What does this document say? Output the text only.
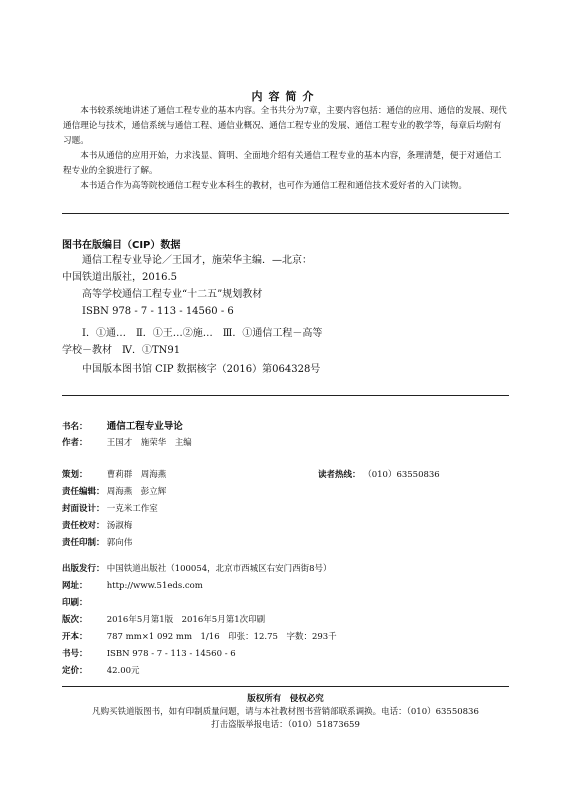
内容简介

本书较系统地讲述了通信工程专业的基本内容。全书共分为7章，主要内容包括：通信的应用、通信的发展、现代通信理论与技术，通信系统与通信工程、通信业概况、通信工程专业的发展、通信工程专业的教学等，每章后均附有习题。

本书从通信的应用开始，力求浅显、简明、全面地介绍有关通信工程专业的基本内容，条理清楚，便于对通信工程专业的全貌进行了解。

本书适合作为高等院校通信工程专业本科生的教材，也可作为通信工程和通信技术爱好者的入门读物。

图书在版编目（CIP）数据
通信工程专业导论／王国才，施荣华主编．—北京：
中国铁道出版社，2016.5
高等学校通信工程专业“十二五”规划教材
ISBN 978 - 7 - 113 - 14560 - 6
Ⅰ．①通…　Ⅱ．①王…②施…　Ⅲ．①通信工程－高等
学校－教材　Ⅳ．①TN91
中国版本图书馆 CIP 数据核字（2016）第064328号
书名： 通信工程专业导论
作者： 王国才　施荣华　主编
策划： 曹莉群　周海燕	读者热线： （010）63550836
责任编辑： 周海燕　彭立辉
封面设计： 一克米工作室
责任校对： 汤淑梅
责任印制： 郭向伟
出版发行： 中国铁道出版社（100054，北京市西城区右安门西街8号）
网址： http://www.51eds.com
印刷：
版次： 2016年5月第1版　2016年5月第1次印刷
开本： 787 mm×1 092 mm　1/16　印张：12.75　字数：293千
书号： ISBN 978 - 7 - 113 - 14560 - 6
定价： 42.00元
版权所有　侵权必究
凡购买铁道版图书，如有印制质量问题，请与本社教材图书营销部联系调换。电话：（010）63550836
打击盗版举报电话：（010）51873659
